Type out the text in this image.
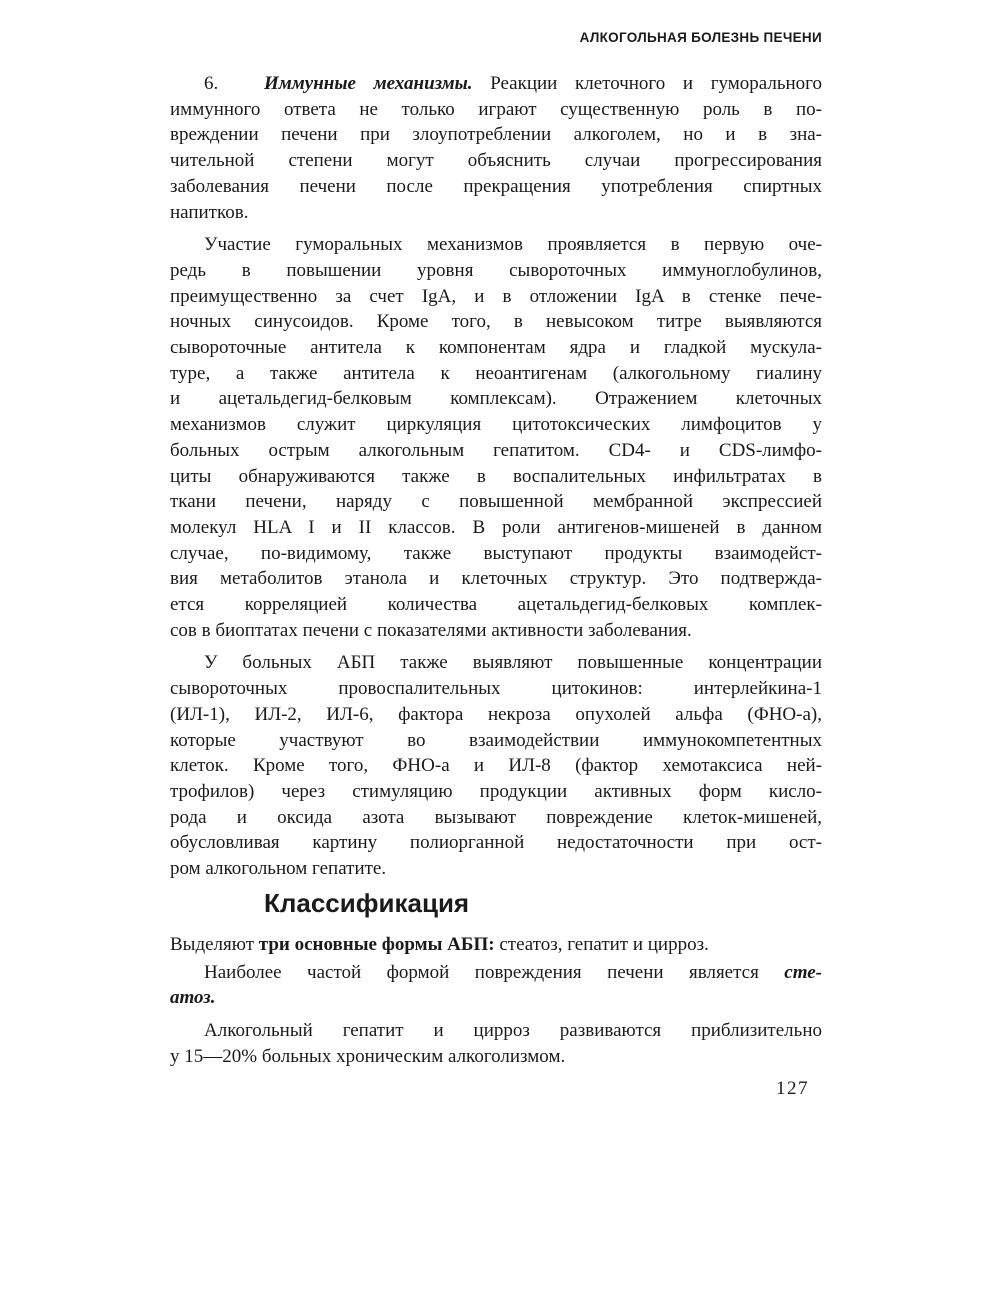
АЛКОГОЛЬНАЯ БОЛЕЗНЬ ПЕЧЕНИ
6. Иммунные механизмы. Реакции клеточного и гуморального
иммунного ответа не только играют существенную роль в по-
вреждении печени при злоупотреблении алкоголем, но и в зна-
чительной степени могут объяснить случаи прогрессирования
заболевания печени после прекращения употребления спиртных
напитков.
Участие гуморальных механизмов проявляется в первую оче-
редь в повышении уровня сывороточных иммуноглобулинов,
преимущественно за счет IgA, и в отложении IgA в стенке пече-
ночных синусоидов. Кроме того, в невысоком титре выявляются
сывороточные антитела к компонентам ядра и гладкой мускула-
туре, а также антитела к неоантигенам (алкогольному гиалину
и ацетальдегид-белковым комплексам). Отражением клеточных
механизмов служит циркуляция цитотоксических лимфоцитов у
больных острым алкогольным гепатитом. CD4- и CDS-лимфо-
циты обнаруживаются также в воспалительных инфильтратах в
ткани печени, наряду с повышенной мембранной экспрессией
молекул HLA I и II классов. В роли антигенов-мишеней в данном
случае, по-видимому, также выступают продукты взаимодейст-
вия метаболитов этанола и клеточных структур. Это подтвержда-
ется корреляцией количества ацетальдегид-белковых комплек-
сов в биоптатах печени с показателями активности заболевания.
У больных АБП также выявляют повышенные концентрации
сывороточных провоспалительных цитокинов: интерлейкина-1
(ИЛ-1), ИЛ-2, ИЛ-6, фактора некроза опухолей альфа (ФНО-а),
которые участвуют во взаимодействии иммунокомпетентных
клеток. Кроме того, ФНО-а и ИЛ-8 (фактор хемотаксиса ней-
трофилов) через стимуляцию продукции активных форм кисло-
рода и оксида азота вызывают повреждение клеток-мишеней,
обусловливая картину полиорганной недостаточности при ост-
ром алкогольном гепатите.
Классификация
Выделяют три основные формы АБП: стеатоз, гепатит и цирроз.
Наиболее частой формой повреждения печени является сте-
атоз.
Алкогольный гепатит и цирроз развиваются приблизительно
у 15—20% больных хроническим алкоголизмом.
127
